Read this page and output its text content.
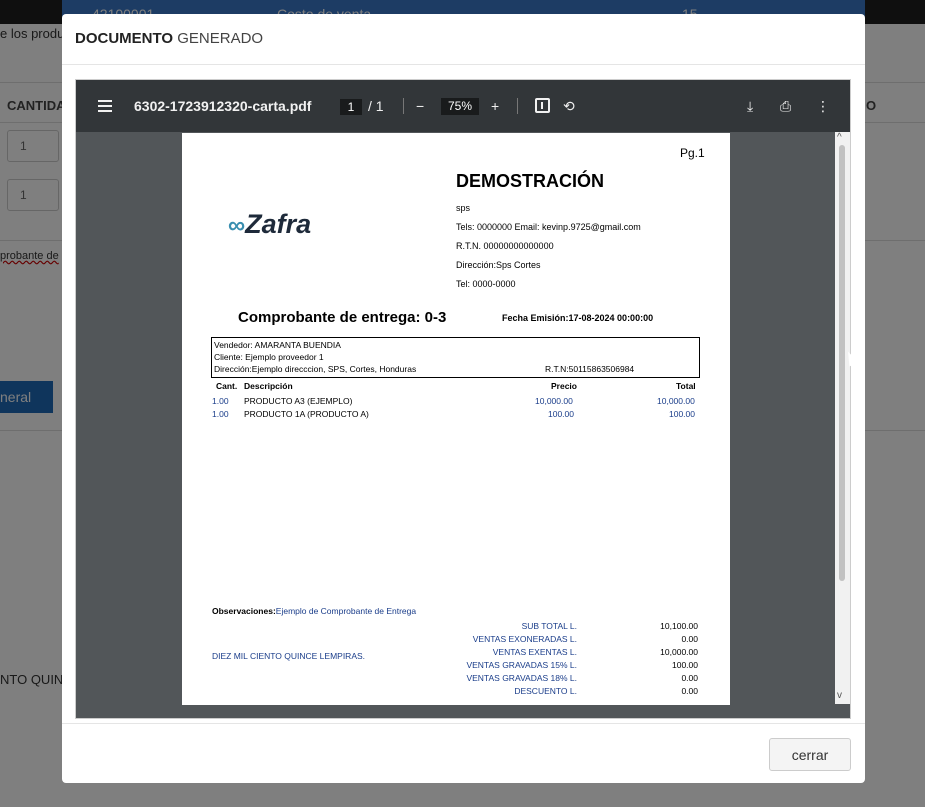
DOCUMENTO GENERADO
6302-1723912320-carta.pdf	1 / 1 −	75%	+	⟲	⤓ ⎙ ⋮
Pg.1
DEMOSTRACIÓN
sps
Tels: 0000000 Email: kevinp.9725@gmail.com
R.T.N. 00000000000000
Dirección:Sps Cortes
Tel: 0000-0000
∞Zafra
Comprobante de entrega: 0-3	Fecha Emisión:17-08-2024 00:00:00
Vendedor: AMARANTA BUENDIA
Cliente: Ejemplo proveedor 1
Dirección:Ejemplo direcccion, SPS, Cortes, Honduras	R.T.N:50115863506984
Cant. Descripción	Precio	Total
1.00 PRODUCTO A3 (EJEMPLO)	10,000.00	10,000.00
1.00 PRODUCTO 1A (PRODUCTO A)	100.00	100.00
Observaciones:Ejemplo de Comprobante de Entrega
DIEZ MIL CIENTO QUINCE LEMPIRAS.
SUB TOTAL L.	10,100.00
VENTAS EXONERADAS L.	0.00
VENTAS EXENTAS L.	10,000.00
VENTAS GRAVADAS 15% L.	100.00
VENTAS GRAVADAS 18% L.	0.00
DESCUENTO L.	0.00
^
v
cerrar
